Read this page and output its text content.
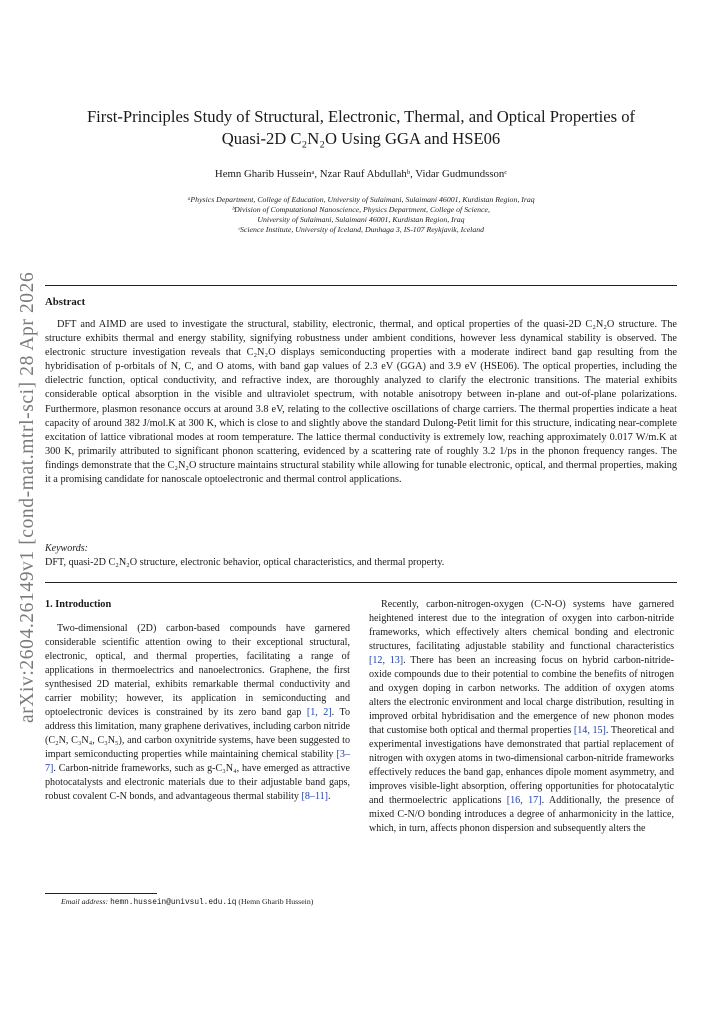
arXiv:2604.26149v1 [cond-mat.mtrl-sci] 28 Apr 2026
First-Principles Study of Structural, Electronic, Thermal, and Optical Properties of
Quasi-2D C₂N₂O Using GGA and HSE06
Hemn Gharib Husseinᵃ, Nzar Rauf Abdullahᵇ, Vidar Gudmundssonᶜ
ᵃPhysics Department, College of Education, University of Sulaimani, Sulaimani 46001, Kurdistan Region, Iraq
ᵇDivision of Computational Nanoscience, Physics Department, College of Science,
University of Sulaimani, Sulaimani 46001, Kurdistan Region, Iraq
ᶜScience Institute, University of Iceland, Dunhaga 3, IS-107 Reykjavik, Iceland
Abstract
DFT and AIMD are used to investigate the structural, stability, electronic, thermal, and optical properties of the quasi-2D C₂N₂O structure. The structure exhibits thermal and energy stability, signifying robustness under ambient conditions, however less dynamical stability is observed. The electronic structure investigation reveals that C₂N₂O displays semiconducting properties with a moderate indirect band gap resulting from the hybridisation of p-orbitals of N, C, and O atoms, with band gap values of 2.3 eV (GGA) and 3.9 eV (HSE06). The optical properties, including the dielectric function, optical conductivity, and refractive index, are thoroughly analyzed to clarify the electronic transitions. The material exhibits considerable optical absorption in the visible and ultraviolet spectrum, with notable anisotropy between in-plane and out-of-plane polarizations. Furthermore, plasmon resonance occurs at around 3.8 eV, relating to the collective oscillations of charge carriers. The thermal properties indicate a heat capacity of around 382 J/mol.K at 300 K, which is close to and slightly above the standard Dulong-Petit limit for this structure, indicating near-complete excitation of lattice vibrational modes at room temperature. The lattice thermal conductivity is extremely low, reaching approximately 0.017 W/m.K at 300 K, primarily attributed to significant phonon scattering, evidenced by a scattering rate of roughly 3.2 1/ps in the phonon frequency ranges. The findings demonstrate that the C₂N₂O structure maintains structural stability while allowing for tunable electronic, optical, and thermal properties, making it a promising candidate for nanoscale optoelectronic and thermal control applications.
Keywords:
DFT, quasi-2D C₂N₂O structure, electronic behavior, optical characteristics, and thermal property.
1. Introduction

Two-dimensional (2D) carbon-based compounds have garnered considerable scientific attention owing to their exceptional structural, electronic, optical, and thermal properties, facilitating a range of applications in thermoelectrics and nanoelectronics. Graphene, the first synthesised 2D material, exhibits remarkable thermal conductivity and carrier mobility; however, its application in semiconducting and optoelectronic devices is constrained by its zero band gap [1, 2]. To address this limitation, many graphene derivatives, including carbon nitride (C₂N, C₃N₄, C₃N₅), and carbon oxynitride systems, have been suggested to impart semiconducting properties while maintaining chemical stability [3–7]. Carbon-nitride frameworks, such as g-C₃N₄, have emerged as attractive photocatalysts and electronic materials due to their adjustable band gaps, robust covalent C-N bonds, and advantageous thermal stability [8–11].

Recently, carbon-nitrogen-oxygen (C-N-O) systems have garnered heightened interest due to the integration of oxygen into carbon-nitride frameworks, which effectively alters chemical bonding and electronic structures, facilitating adjustable stability and functional characteristics [12, 13]. There has been an increasing focus on hybrid carbon-nitride-oxide compounds due to their potential to combine the benefits of nitrogen and oxygen doping in carbon networks. The addition of oxygen atoms alters the electronic environment and local charge distribution, resulting in improved orbital hybridisation and the emergence of new phonon modes that customise both optical and thermal properties [14, 15]. Theoretical and experimental investigations have demonstrated that partial replacement of nitrogen with oxygen atoms in two-dimensional carbon-nitride frameworks effectively reduces the band gap, enhances dipole moment asymmetry, and improves visible-light absorption, offering opportunities for photocatalytic and thermoelectric applications [16, 17]. Additionally, the presence of mixed C-N/O bonding introduces a degree of anharmonicity in the lattice, which, in turn, affects phonon dispersion and subsequently alters the

Email address: hemn.hussein@univsul.edu.iq (Hemn Gharib Hussein)
